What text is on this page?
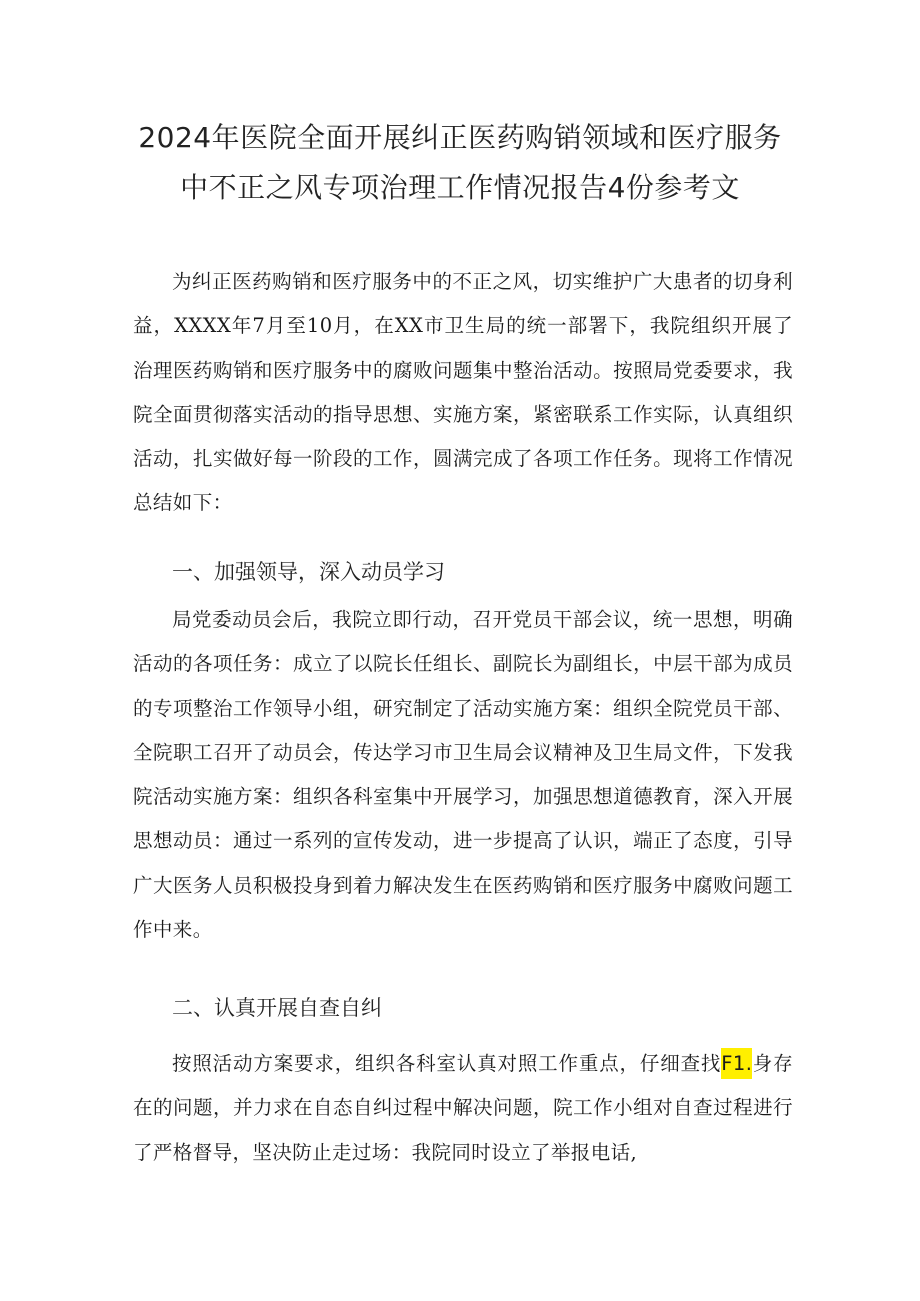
2024年医院全面开展纠正医药购销领域和医疗服务
中不正之风专项治理工作情况报告4份参考文
为纠正医药购销和医疗服务中的不正之风，切实维护广大患者的切身利益，XXXX年7月至10月，在XX市卫生局的统一部署下，我院组织开展了治理医药购销和医疗服务中的腐败问题集中整治活动。按照局党委要求，我院全面贯彻落实活动的指导思想、实施方案，紧密联系工作实际，认真组织活动，扎实做好每一阶段的工作，圆满完成了各项工作任务。现将工作情况总结如下：
一、加强领导，深入动员学习
局党委动员会后，我院立即行动，召开党员干部会议，统一思想，明确活动的各项任务：成立了以院长任组长、副院长为副组长，中层干部为成员的专项整治工作领导小组，研究制定了活动实施方案：组织全院党员干部、全院职工召开了动员会，传达学习市卫生局会议精神及卫生局文件，下发我院活动实施方案：组织各科室集中开展学习，加强思想道德教育，深入开展思想动员：通过一系列的宣传发动，进一步提高了认识，端正了态度，引导广大医务人员积极投身到着力解决发生在医药购销和医疗服务中腐败问题工作中来。
二、认真开展自查自纠
按照活动方案要求，组织各科室认真对照工作重点，仔细查找F1.身存在的问题，并力求在自态自纠过程中解决问题，院工作小组对自查过程进行了严格督导，坚决防止走过场：我院同时设立了举报电话,
